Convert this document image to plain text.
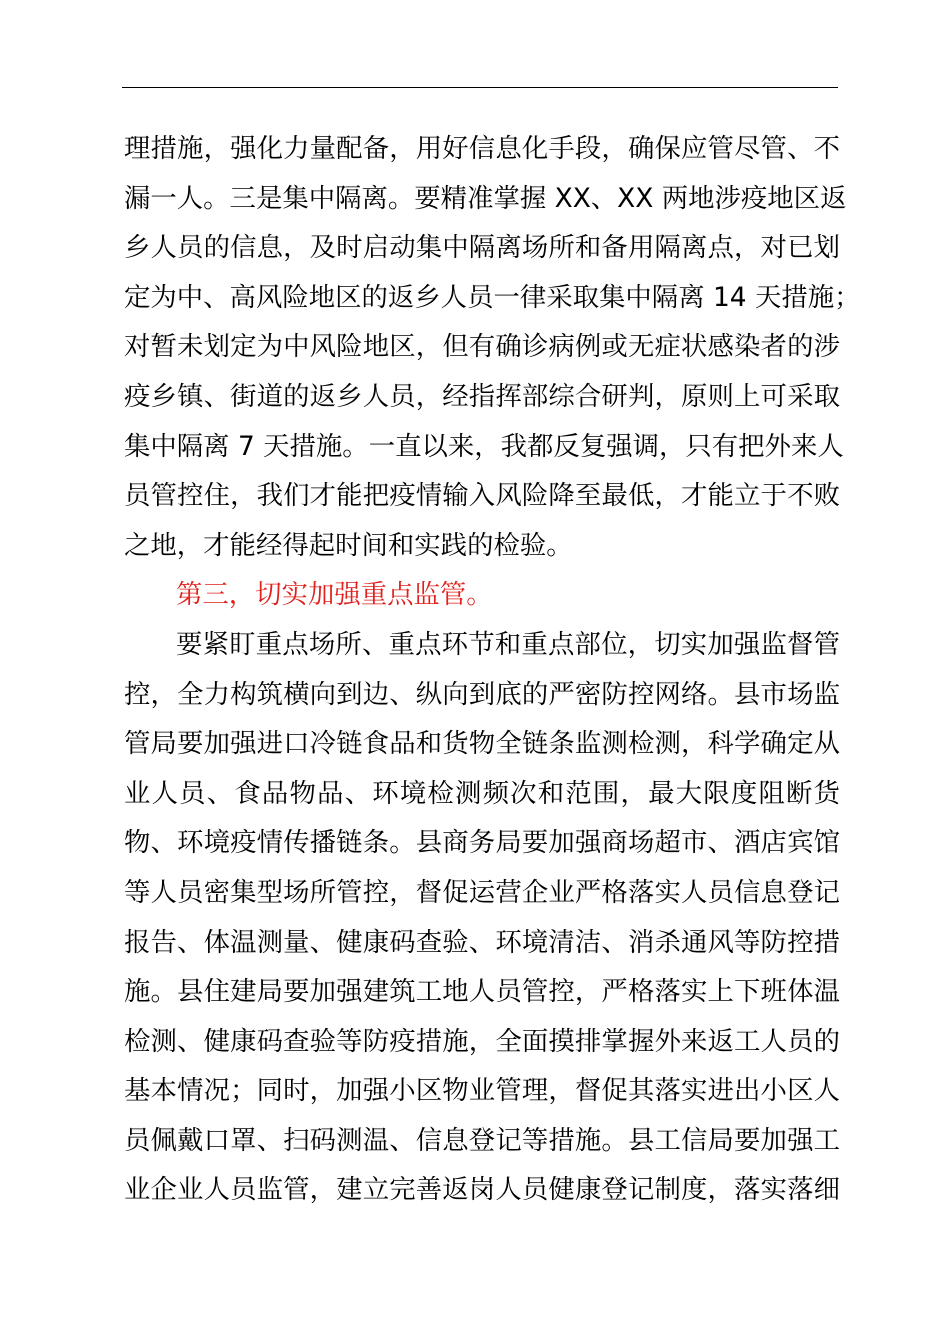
理措施，强化力量配备，用好信息化手段，确保应管尽管、不
漏一人。三是集中隔离。要精准掌握 XX、XX 两地涉疫地区返
乡人员的信息，及时启动集中隔离场所和备用隔离点，对已划
定为中、高风险地区的返乡人员一律采取集中隔离 14 天措施；
对暂未划定为中风险地区，但有确诊病例或无症状感染者的涉
疫乡镇、街道的返乡人员，经指挥部综合研判，原则上可采取
集中隔离 7 天措施。一直以来，我都反复强调，只有把外来人
员管控住，我们才能把疫情输入风险降至最低，才能立于不败
之地，才能经得起时间和实践的检验。
第三，切实加强重点监管。
要紧盯重点场所、重点环节和重点部位，切实加强监督管
控，全力构筑横向到边、纵向到底的严密防控网络。县市场监
管局要加强进口冷链食品和货物全链条监测检测，科学确定从
业人员、食品物品、环境检测频次和范围，最大限度阻断货
物、环境疫情传播链条。县商务局要加强商场超市、酒店宾馆
等人员密集型场所管控，督促运营企业严格落实人员信息登记
报告、体温测量、健康码查验、环境清洁、消杀通风等防控措
施。县住建局要加强建筑工地人员管控，严格落实上下班体温
检测、健康码查验等防疫措施，全面摸排掌握外来返工人员的
基本情况；同时，加强小区物业管理，督促其落实进出小区人
员佩戴口罩、扫码测温、信息登记等措施。县工信局要加强工
业企业人员监管，建立完善返岗人员健康登记制度，落实落细
